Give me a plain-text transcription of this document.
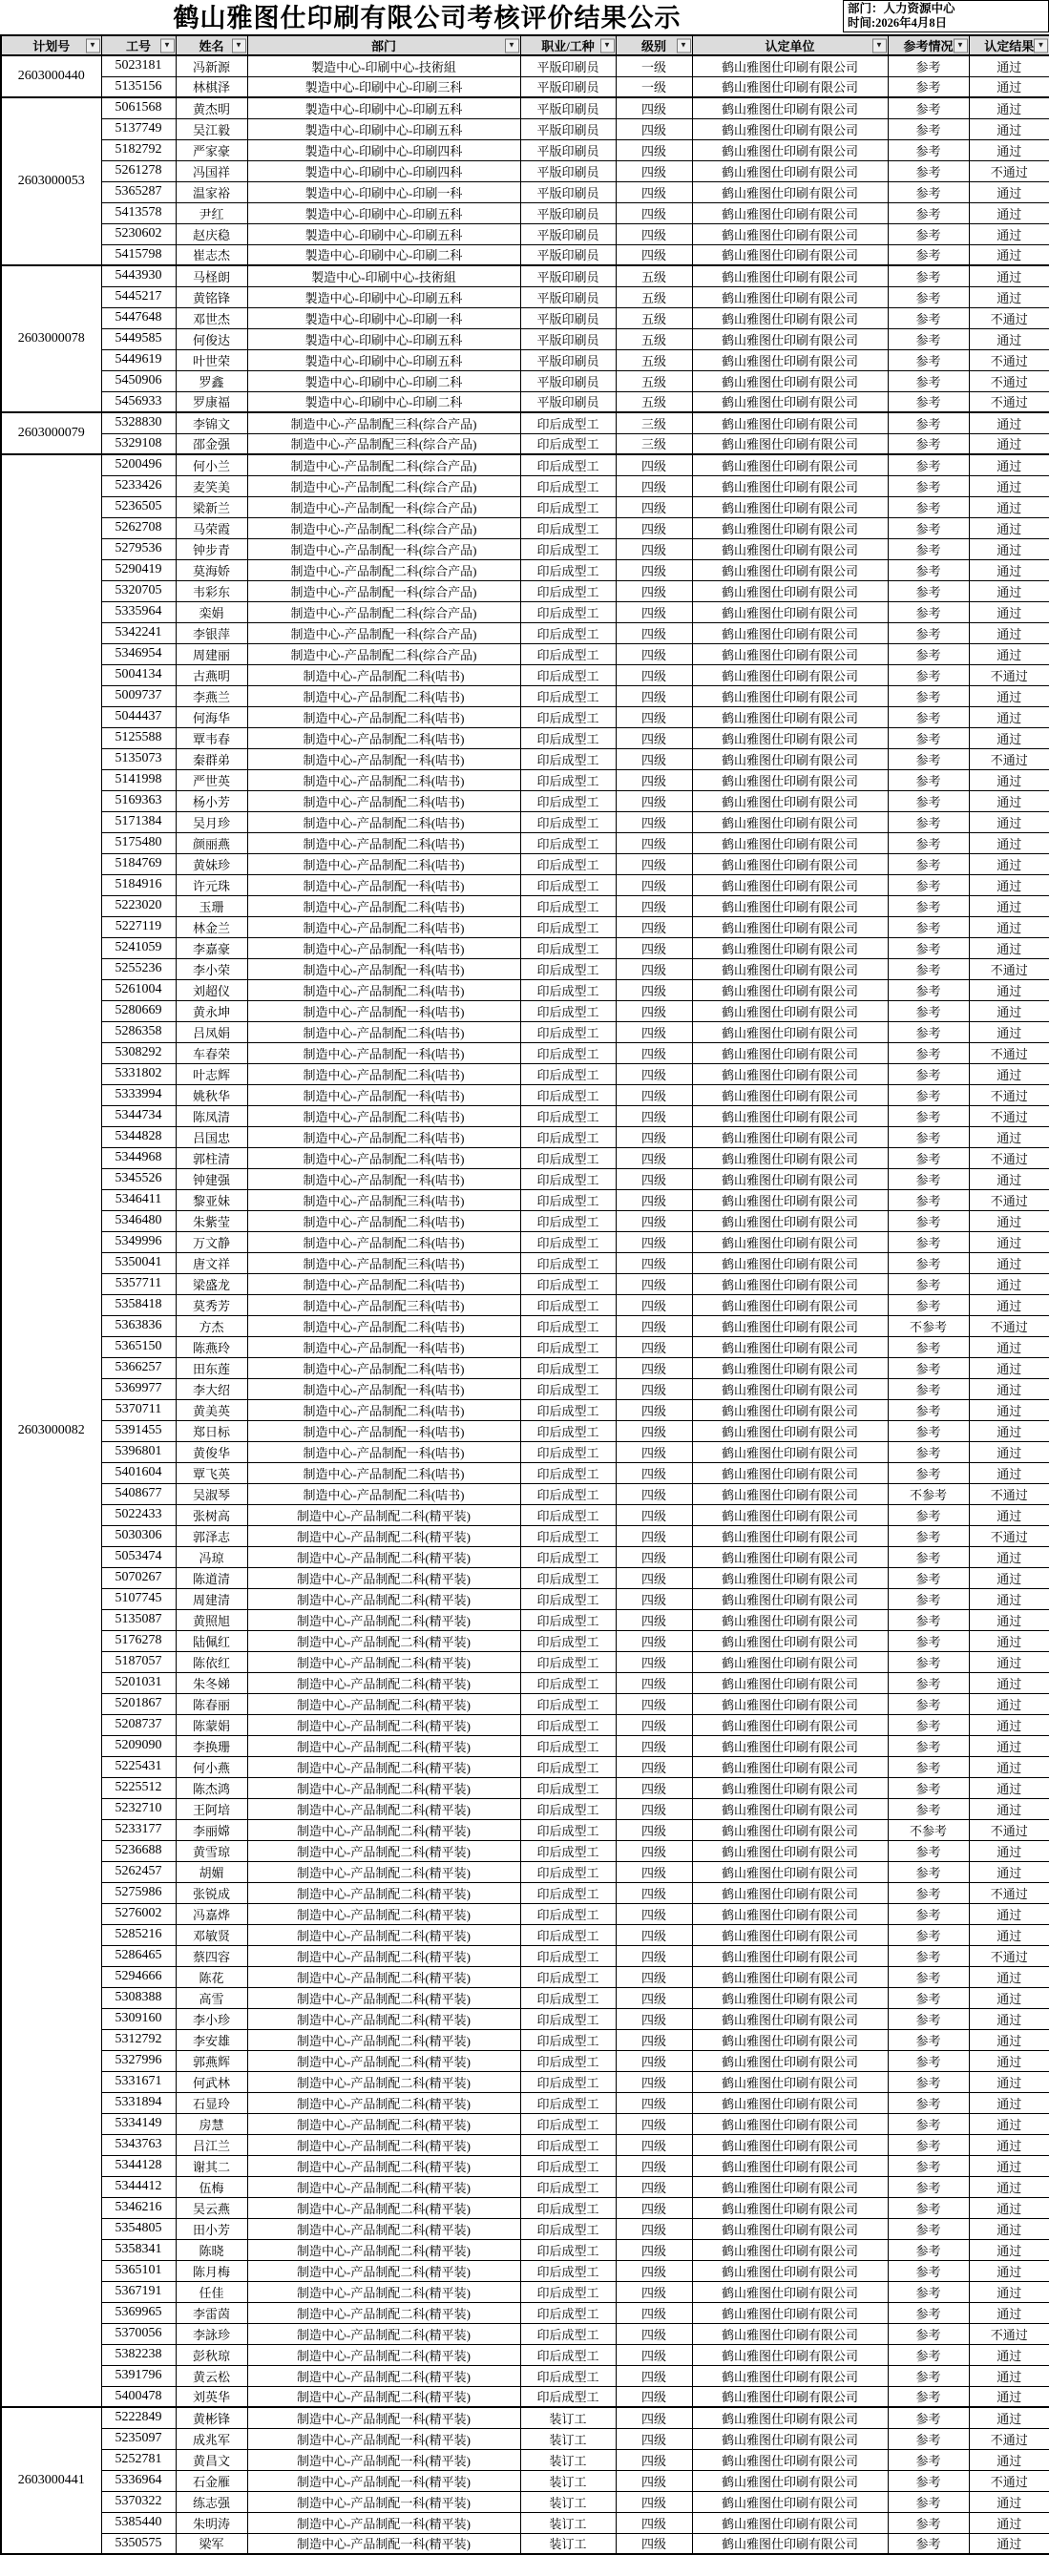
鹤山雅图仕印刷有限公司考核评价结果公示	部门：人力资源中心
时间:2026年4月8日
计划号 ▼	工号 ▼	姓名 ▼	部门 ▼	职业/工种 ▼	级别 ▼	认定单位 ▼	参考情况 ▼	认定结果 ▼

2603000440	5023181	冯新源	製造中心-印刷中心-技術組	平版印刷员	一级	鹤山雅图仕印刷有限公司	参考	通过
	5135156	林棋泽	製造中心-印刷中心-印刷三科	平版印刷员	一级	鹤山雅图仕印刷有限公司	参考	通过
2603000053	5061568	黄杰明	製造中心-印刷中心-印刷五科	平版印刷员	四级	鹤山雅图仕印刷有限公司	参考	通过
	5137749	吴江毅	製造中心-印刷中心-印刷五科	平版印刷员	四级	鹤山雅图仕印刷有限公司	参考	通过
	5182792	严家豪	製造中心-印刷中心-印刷四科	平版印刷员	四级	鹤山雅图仕印刷有限公司	参考	通过
	5261278	冯国祥	製造中心-印刷中心-印刷四科	平版印刷员	四级	鹤山雅图仕印刷有限公司	参考	不通过
	5365287	温家裕	製造中心-印刷中心-印刷一科	平版印刷员	四级	鹤山雅图仕印刷有限公司	参考	通过
	5413578	尹红	製造中心-印刷中心-印刷五科	平版印刷员	四级	鹤山雅图仕印刷有限公司	参考	通过
	5230602	赵庆稳	製造中心-印刷中心-印刷五科	平版印刷员	四级	鹤山雅图仕印刷有限公司	参考	通过
	5415798	崔志杰	製造中心-印刷中心-印刷二科	平版印刷员	四级	鹤山雅图仕印刷有限公司	参考	通过
2603000078	5443930	马柽朗	製造中心-印刷中心-技術組	平版印刷员	五级	鹤山雅图仕印刷有限公司	参考	通过
	5445217	黄铭锋	製造中心-印刷中心-印刷五科	平版印刷员	五级	鹤山雅图仕印刷有限公司	参考	通过
	5447648	邓世杰	製造中心-印刷中心-印刷一科	平版印刷员	五级	鹤山雅图仕印刷有限公司	参考	不通过
	5449585	何俊达	製造中心-印刷中心-印刷五科	平版印刷员	五级	鹤山雅图仕印刷有限公司	参考	通过
	5449619	叶世荣	製造中心-印刷中心-印刷五科	平版印刷员	五级	鹤山雅图仕印刷有限公司	参考	不通过
	5450906	罗鑫	製造中心-印刷中心-印刷二科	平版印刷员	五级	鹤山雅图仕印刷有限公司	参考	不通过
	5456933	罗康福	製造中心-印刷中心-印刷二科	平版印刷员	五级	鹤山雅图仕印刷有限公司	参考	不通过
2603000079	5328830	李锦文	制造中心-产品制配三科(综合产品)	印后成型工	三级	鹤山雅图仕印刷有限公司	参考	通过
	5329108	邵金强	制造中心-产品制配三科(综合产品)	印后成型工	三级	鹤山雅图仕印刷有限公司	参考	通过
2603000082	5200496	何小兰	制造中心-产品制配二科(综合产品)	印后成型工	四级	鹤山雅图仕印刷有限公司	参考	通过
	5233426	麦笑美	制造中心-产品制配二科(综合产品)	印后成型工	四级	鹤山雅图仕印刷有限公司	参考	通过
	5236505	梁新兰	制造中心-产品制配一科(综合产品)	印后成型工	四级	鹤山雅图仕印刷有限公司	参考	通过
	5262708	马荣霞	制造中心-产品制配二科(综合产品)	印后成型工	四级	鹤山雅图仕印刷有限公司	参考	通过
	5279536	钟步青	制造中心-产品制配一科(综合产品)	印后成型工	四级	鹤山雅图仕印刷有限公司	参考	通过
	5290419	莫海娇	制造中心-产品制配二科(综合产品)	印后成型工	四级	鹤山雅图仕印刷有限公司	参考	通过
	5320705	韦彩东	制造中心-产品制配一科(综合产品)	印后成型工	四级	鹤山雅图仕印刷有限公司	参考	通过
	5335964	栾娟	制造中心-产品制配二科(综合产品)	印后成型工	四级	鹤山雅图仕印刷有限公司	参考	通过
	5342241	李银萍	制造中心-产品制配一科(综合产品)	印后成型工	四级	鹤山雅图仕印刷有限公司	参考	通过
	5346954	周建丽	制造中心-产品制配二科(综合产品)	印后成型工	四级	鹤山雅图仕印刷有限公司	参考	通过
	5004134	古燕明	制造中心-产品制配二科(咭书)	印后成型工	四级	鹤山雅图仕印刷有限公司	参考	不通过
	5009737	李燕兰	制造中心-产品制配二科(咭书)	印后成型工	四级	鹤山雅图仕印刷有限公司	参考	通过
	5044437	何海华	制造中心-产品制配二科(咭书)	印后成型工	四级	鹤山雅图仕印刷有限公司	参考	通过
	5125588	覃韦春	制造中心-产品制配二科(咭书)	印后成型工	四级	鹤山雅图仕印刷有限公司	参考	通过
	5135073	秦群弟	制造中心-产品制配一科(咭书)	印后成型工	四级	鹤山雅图仕印刷有限公司	参考	不通过
	5141998	严世英	制造中心-产品制配二科(咭书)	印后成型工	四级	鹤山雅图仕印刷有限公司	参考	通过
	5169363	杨小芳	制造中心-产品制配二科(咭书)	印后成型工	四级	鹤山雅图仕印刷有限公司	参考	通过
	5171384	吴月珍	制造中心-产品制配二科(咭书)	印后成型工	四级	鹤山雅图仕印刷有限公司	参考	通过
	5175480	颜丽燕	制造中心-产品制配二科(咭书)	印后成型工	四级	鹤山雅图仕印刷有限公司	参考	通过
	5184769	黄妹珍	制造中心-产品制配二科(咭书)	印后成型工	四级	鹤山雅图仕印刷有限公司	参考	通过
	5184916	许元珠	制造中心-产品制配一科(咭书)	印后成型工	四级	鹤山雅图仕印刷有限公司	参考	通过
	5223020	玉珊	制造中心-产品制配二科(咭书)	印后成型工	四级	鹤山雅图仕印刷有限公司	参考	通过
	5227119	林金兰	制造中心-产品制配二科(咭书)	印后成型工	四级	鹤山雅图仕印刷有限公司	参考	通过
	5241059	李嘉豪	制造中心-产品制配一科(咭书)	印后成型工	四级	鹤山雅图仕印刷有限公司	参考	通过
	5255236	李小荣	制造中心-产品制配一科(咭书)	印后成型工	四级	鹤山雅图仕印刷有限公司	参考	不通过
	5261004	刘超仪	制造中心-产品制配二科(咭书)	印后成型工	四级	鹤山雅图仕印刷有限公司	参考	通过
	5280669	黄永坤	制造中心-产品制配一科(咭书)	印后成型工	四级	鹤山雅图仕印刷有限公司	参考	通过
	5286358	吕凤娟	制造中心-产品制配二科(咭书)	印后成型工	四级	鹤山雅图仕印刷有限公司	参考	通过
	5308292	车春荣	制造中心-产品制配一科(咭书)	印后成型工	四级	鹤山雅图仕印刷有限公司	参考	不通过
	5331802	叶志辉	制造中心-产品制配二科(咭书)	印后成型工	四级	鹤山雅图仕印刷有限公司	参考	通过
	5333994	姚秋华	制造中心-产品制配一科(咭书)	印后成型工	四级	鹤山雅图仕印刷有限公司	参考	不通过
	5344734	陈凤清	制造中心-产品制配二科(咭书)	印后成型工	四级	鹤山雅图仕印刷有限公司	参考	不通过
	5344828	吕国忠	制造中心-产品制配二科(咭书)	印后成型工	四级	鹤山雅图仕印刷有限公司	参考	通过
	5344968	郭柱清	制造中心-产品制配二科(咭书)	印后成型工	四级	鹤山雅图仕印刷有限公司	参考	不通过
	5345526	钟建强	制造中心-产品制配一科(咭书)	印后成型工	四级	鹤山雅图仕印刷有限公司	参考	通过
	5346411	黎亚妹	制造中心-产品制配三科(咭书)	印后成型工	四级	鹤山雅图仕印刷有限公司	参考	不通过
	5346480	朱紫莹	制造中心-产品制配二科(咭书)	印后成型工	四级	鹤山雅图仕印刷有限公司	参考	通过
	5349996	万文静	制造中心-产品制配二科(咭书)	印后成型工	四级	鹤山雅图仕印刷有限公司	参考	通过
	5350041	唐文祥	制造中心-产品制配三科(咭书)	印后成型工	四级	鹤山雅图仕印刷有限公司	参考	通过
	5357711	梁盛龙	制造中心-产品制配二科(咭书)	印后成型工	四级	鹤山雅图仕印刷有限公司	参考	通过
	5358418	莫秀芳	制造中心-产品制配三科(咭书)	印后成型工	四级	鹤山雅图仕印刷有限公司	参考	通过
	5363836	方杰	制造中心-产品制配二科(咭书)	印后成型工	四级	鹤山雅图仕印刷有限公司	不参考	不通过
	5365150	陈燕玲	制造中心-产品制配一科(咭书)	印后成型工	四级	鹤山雅图仕印刷有限公司	参考	通过
	5366257	田东莲	制造中心-产品制配二科(咭书)	印后成型工	四级	鹤山雅图仕印刷有限公司	参考	通过
	5369977	李大绍	制造中心-产品制配一科(咭书)	印后成型工	四级	鹤山雅图仕印刷有限公司	参考	通过
	5370711	黄美英	制造中心-产品制配二科(咭书)	印后成型工	四级	鹤山雅图仕印刷有限公司	参考	通过
	5391455	郑日标	制造中心-产品制配一科(咭书)	印后成型工	四级	鹤山雅图仕印刷有限公司	参考	通过
	5396801	黄俊华	制造中心-产品制配一科(咭书)	印后成型工	四级	鹤山雅图仕印刷有限公司	参考	通过
	5401604	覃飞英	制造中心-产品制配二科(咭书)	印后成型工	四级	鹤山雅图仕印刷有限公司	参考	通过
	5408677	吴淑琴	制造中心-产品制配二科(咭书)	印后成型工	四级	鹤山雅图仕印刷有限公司	不参考	不通过
	5022433	张树高	制造中心-产品制配二科(精平装)	印后成型工	四级	鹤山雅图仕印刷有限公司	参考	通过
	5030306	郭泽志	制造中心-产品制配二科(精平装)	印后成型工	四级	鹤山雅图仕印刷有限公司	参考	不通过
	5053474	冯琼	制造中心-产品制配二科(精平装)	印后成型工	四级	鹤山雅图仕印刷有限公司	参考	通过
	5070267	陈道清	制造中心-产品制配二科(精平装)	印后成型工	四级	鹤山雅图仕印刷有限公司	参考	通过
	5107745	周建清	制造中心-产品制配二科(精平装)	印后成型工	四级	鹤山雅图仕印刷有限公司	参考	通过
	5135087	黄照旭	制造中心-产品制配二科(精平装)	印后成型工	四级	鹤山雅图仕印刷有限公司	参考	通过
	5176278	陆佩红	制造中心-产品制配二科(精平装)	印后成型工	四级	鹤山雅图仕印刷有限公司	参考	通过
	5187057	陈依红	制造中心-产品制配二科(精平装)	印后成型工	四级	鹤山雅图仕印刷有限公司	参考	通过
	5201031	朱冬娣	制造中心-产品制配二科(精平装)	印后成型工	四级	鹤山雅图仕印刷有限公司	参考	通过
	5201867	陈春丽	制造中心-产品制配二科(精平装)	印后成型工	四级	鹤山雅图仕印刷有限公司	参考	通过
	5208737	陈蒙娟	制造中心-产品制配二科(精平装)	印后成型工	四级	鹤山雅图仕印刷有限公司	参考	通过
	5209090	李换珊	制造中心-产品制配二科(精平装)	印后成型工	四级	鹤山雅图仕印刷有限公司	参考	通过
	5225431	何小燕	制造中心-产品制配二科(精平装)	印后成型工	四级	鹤山雅图仕印刷有限公司	参考	通过
	5225512	陈杰鸿	制造中心-产品制配二科(精平装)	印后成型工	四级	鹤山雅图仕印刷有限公司	参考	通过
	5232710	王阿培	制造中心-产品制配二科(精平装)	印后成型工	四级	鹤山雅图仕印刷有限公司	参考	通过
	5233177	李丽嫦	制造中心-产品制配二科(精平装)	印后成型工	四级	鹤山雅图仕印刷有限公司	不参考	不通过
	5236688	黄雪琼	制造中心-产品制配二科(精平装)	印后成型工	四级	鹤山雅图仕印刷有限公司	参考	通过
	5262457	胡媚	制造中心-产品制配二科(精平装)	印后成型工	四级	鹤山雅图仕印刷有限公司	参考	通过
	5275986	张锐成	制造中心-产品制配二科(精平装)	印后成型工	四级	鹤山雅图仕印刷有限公司	参考	不通过
	5276002	冯嘉烨	制造中心-产品制配二科(精平装)	印后成型工	四级	鹤山雅图仕印刷有限公司	参考	通过
	5285216	邓敏贤	制造中心-产品制配二科(精平装)	印后成型工	四级	鹤山雅图仕印刷有限公司	参考	通过
	5286465	蔡四容	制造中心-产品制配二科(精平装)	印后成型工	四级	鹤山雅图仕印刷有限公司	参考	不通过
	5294666	陈花	制造中心-产品制配二科(精平装)	印后成型工	四级	鹤山雅图仕印刷有限公司	参考	通过
	5308388	高雪	制造中心-产品制配二科(精平装)	印后成型工	四级	鹤山雅图仕印刷有限公司	参考	通过
	5309160	李小珍	制造中心-产品制配二科(精平装)	印后成型工	四级	鹤山雅图仕印刷有限公司	参考	通过
	5312792	李安雄	制造中心-产品制配二科(精平装)	印后成型工	四级	鹤山雅图仕印刷有限公司	参考	通过
	5327996	郭燕辉	制造中心-产品制配二科(精平装)	印后成型工	四级	鹤山雅图仕印刷有限公司	参考	通过
	5331671	何武林	制造中心-产品制配二科(精平装)	印后成型工	四级	鹤山雅图仕印刷有限公司	参考	通过
	5331894	石显玲	制造中心-产品制配二科(精平装)	印后成型工	四级	鹤山雅图仕印刷有限公司	参考	通过
	5334149	房慧	制造中心-产品制配二科(精平装)	印后成型工	四级	鹤山雅图仕印刷有限公司	参考	通过
	5343763	吕江兰	制造中心-产品制配二科(精平装)	印后成型工	四级	鹤山雅图仕印刷有限公司	参考	通过
	5344128	谢其二	制造中心-产品制配二科(精平装)	印后成型工	四级	鹤山雅图仕印刷有限公司	参考	通过
	5344412	伍梅	制造中心-产品制配二科(精平装)	印后成型工	四级	鹤山雅图仕印刷有限公司	参考	通过
	5346216	吴云燕	制造中心-产品制配二科(精平装)	印后成型工	四级	鹤山雅图仕印刷有限公司	参考	通过
	5354805	田小芳	制造中心-产品制配二科(精平装)	印后成型工	四级	鹤山雅图仕印刷有限公司	参考	通过
	5358341	陈晓	制造中心-产品制配二科(精平装)	印后成型工	四级	鹤山雅图仕印刷有限公司	参考	通过
	5365101	陈月梅	制造中心-产品制配二科(精平装)	印后成型工	四级	鹤山雅图仕印刷有限公司	参考	通过
	5367191	任佳	制造中心-产品制配二科(精平装)	印后成型工	四级	鹤山雅图仕印刷有限公司	参考	通过
	5369965	李雷茵	制造中心-产品制配二科(精平装)	印后成型工	四级	鹤山雅图仕印刷有限公司	参考	通过
	5370056	李詠珍	制造中心-产品制配二科(精平装)	印后成型工	四级	鹤山雅图仕印刷有限公司	参考	不通过
	5382238	彭秋琼	制造中心-产品制配二科(精平装)	印后成型工	四级	鹤山雅图仕印刷有限公司	参考	通过
	5391796	黄云松	制造中心-产品制配二科(精平装)	印后成型工	四级	鹤山雅图仕印刷有限公司	参考	通过
	5400478	刘英华	制造中心-产品制配二科(精平装)	印后成型工	四级	鹤山雅图仕印刷有限公司	参考	通过
2603000441	5222849	黄彬锋	制造中心-产品制配一科(精平装)	装订工	四级	鹤山雅图仕印刷有限公司	参考	通过
	5235097	成兆军	制造中心-产品制配一科(精平装)	装订工	四级	鹤山雅图仕印刷有限公司	参考	不通过
	5252781	黄昌文	制造中心-产品制配一科(精平装)	装订工	四级	鹤山雅图仕印刷有限公司	参考	通过
	5336964	石金雁	制造中心-产品制配一科(精平装)	装订工	四级	鹤山雅图仕印刷有限公司	参考	不通过
	5370322	练志强	制造中心-产品制配一科(精平装)	装订工	四级	鹤山雅图仕印刷有限公司	参考	通过
	5385440	朱明涛	制造中心-产品制配一科(精平装)	装订工	四级	鹤山雅图仕印刷有限公司	参考	通过
	5350575	梁军	制造中心-产品制配一科(精平装)	装订工	四级	鹤山雅图仕印刷有限公司	参考	通过
